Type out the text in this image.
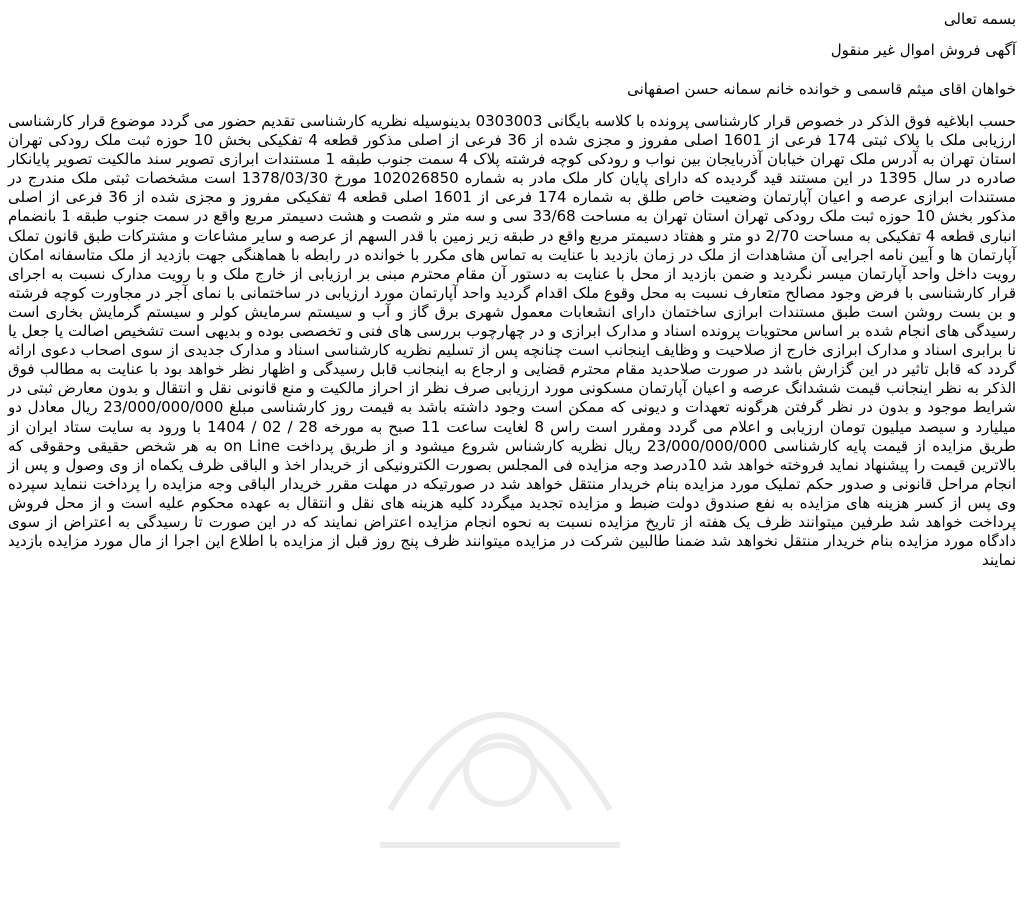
بسمه تعالی
آگهی فروش اموال غیر منقول
خواهان اقای میثم قاسمی و خوانده خانم سمانه حسن اصفهانی
حسب ابلاغیه فوق الذکر در خصوص قرار کارشناسی پرونده با کلاسه بایگانی 0303003 بدینوسیله نظریه کارشناسی تقدیم حضور می گردد موضوع قرار کارشناسی ارزیابی ملک با پلاک ثبتی 174 فرعی از 1601 اصلی مفروز و مجزی شده از 36 فرعی از اصلی مذکور قطعه 4 تفکیکی بخش 10 حوزه ثبت ملک رودکی تهران استان تهران به آدرس ملک تهران خیابان آذربایجان بین نواب و رودکی کوچه فرشته پلاک 4 سمت جنوب طبقه 1 مستندات ابرازی تصویر سند مالکیت تصویر پایانکار صادره در سال 1395 در این مستند قید گردیده که دارای پایان کار ملک مادر به شماره 102026850 مورخ 1378/03/30 است مشخصات ثبتی ملک مندرج در مستندات ابرازی عرصه و اعیان آپارتمان وضعیت خاص طلق به شماره 174 فرعی از 1601 اصلی قطعه 4 تفکیکی مفروز و مجزی شده از 36 فرعی از اصلی مذکور بخش 10 حوزه ثبت ملک رودکی تهران استان تهران به مساحت 33/68 سی و سه متر و شصت و هشت دسیمتر مربع واقع در سمت جنوب طبقه 1 بانضمام انباری قطعه 4 تفکیکی به مساحت 2/70 دو متر و هفتاد دسیمتر مربع واقع در طبقه زیر زمین با قدر السهم از عرصه و سایر مشاعات و مشترکات طبق قانون تملک آپارتمان ها و آیین نامه اجرایی آن مشاهدات از ملک در زمان بازدید با عنایت به تماس های مکرر با خوانده در رابطه با هماهنگی جهت بازدید از ملک متاسفانه امکان رویت داخل واحد آپارتمان میسر نگردید و ضمن بازدید از محل با عنایت به دستور آن مقام محترم مبنی بر ارزیابی از خارج ملک و با رویت مدارک نسبت به اجرای قرار کارشناسی با فرض وجود مصالح متعارف نسبت به محل وقوع ملک اقدام گردید واحد آپارتمان مورد ارزیابی در ساختمانی با نمای آجر در مجاورت کوچه فرشته و بن بست روشن است طبق مستندات ابرازی ساختمان دارای انشعابات معمول شهری برق گاز و آب و سیستم سرمایش کولر و سیستم گرمایش بخاری است رسیدگی های انجام شده بر اساس محتویات پرونده اسناد و مدارک ابرازی و در چهارچوب بررسی های فنی و تخصصی بوده و بدیهی است تشخیص اصالت یا جعل یا نا برابری اسناد و مدارک ابرازی خارج از صلاحیت و وظایف اینجانب است چنانچه پس از تسلیم نظریه کارشناسی اسناد و مدارک جدیدی از سوی اصحاب دعوی ارائه گردد که قابل تاثیر در این گزارش باشد در صورت صلاحدید مقام محترم قضایی و ارجاع به اینجانب قابل رسیدگی و اظهار نظر خواهد بود با عنایت به مطالب فوق الذکر به نظر اینجانب قیمت ششدانگ عرصه و اعیان آپارتمان مسکونی مورد ارزیابی صرف نظر از احراز مالکیت و منع قانونی نقل و انتقال و بدون معارض ثبتی در شرایط موجود و بدون در نظر گرفتن هرگونه تعهدات و دیونی که ممکن است وجود داشته باشد به قیمت روز کارشناسی مبلغ 23/000/000/000 ریال معادل دو میلیارد و سیصد میلیون تومان ارزیابی و اعلام می گردد ومقرر است راس 8 لغایت ساعت 11 صبح به مورخه 28 / 02 / 1404 با ورود به سایت ستاد ایران از طریق مزایده از قیمت پایه کارشناسی 23/000/000/000 ریال نظریه کارشناس شروع میشود و از طریق پرداخت on Line به هر شخص حقیقی وحقوقی که بالاترین قیمت را پیشنهاد نماید فروخته خواهد شد 10درصد وجه مزایده فی المجلس بصورت الکترونیکی از خریدار اخذ و الباقی ظرف یکماه از وی وصول و پس از انجام مراحل قانونی و صدور حکم تملیک مورد مزایده بنام خریدار منتقل خواهد شد در صورتیکه در مهلت مقرر خریدار الباقی وجه مزایده را پرداخت ننماید سپرده وی پس از کسر هزینه های مزایده به نفع صندوق دولت ضبط و مزایده تجدید میگردد کلیه هزینه های نقل و انتقال به عهده محکوم علیه است و از محل فروش پرداخت خواهد شد طرفین میتوانند ظرف یک هفته از تاریخ مزایده نسبت به نحوه انجام مزایده اعتراض نمایند که در این صورت تا رسیدگی به اعتراض از سوی دادگاه مورد مزایده بنام خریدار منتقل نخواهد شد ضمنا طالبین شرکت در مزایده میتوانند ظرف پنج روز قبل از مزایده با اطلاع این اجرا از مال مورد مزایده بازدید نمایند
